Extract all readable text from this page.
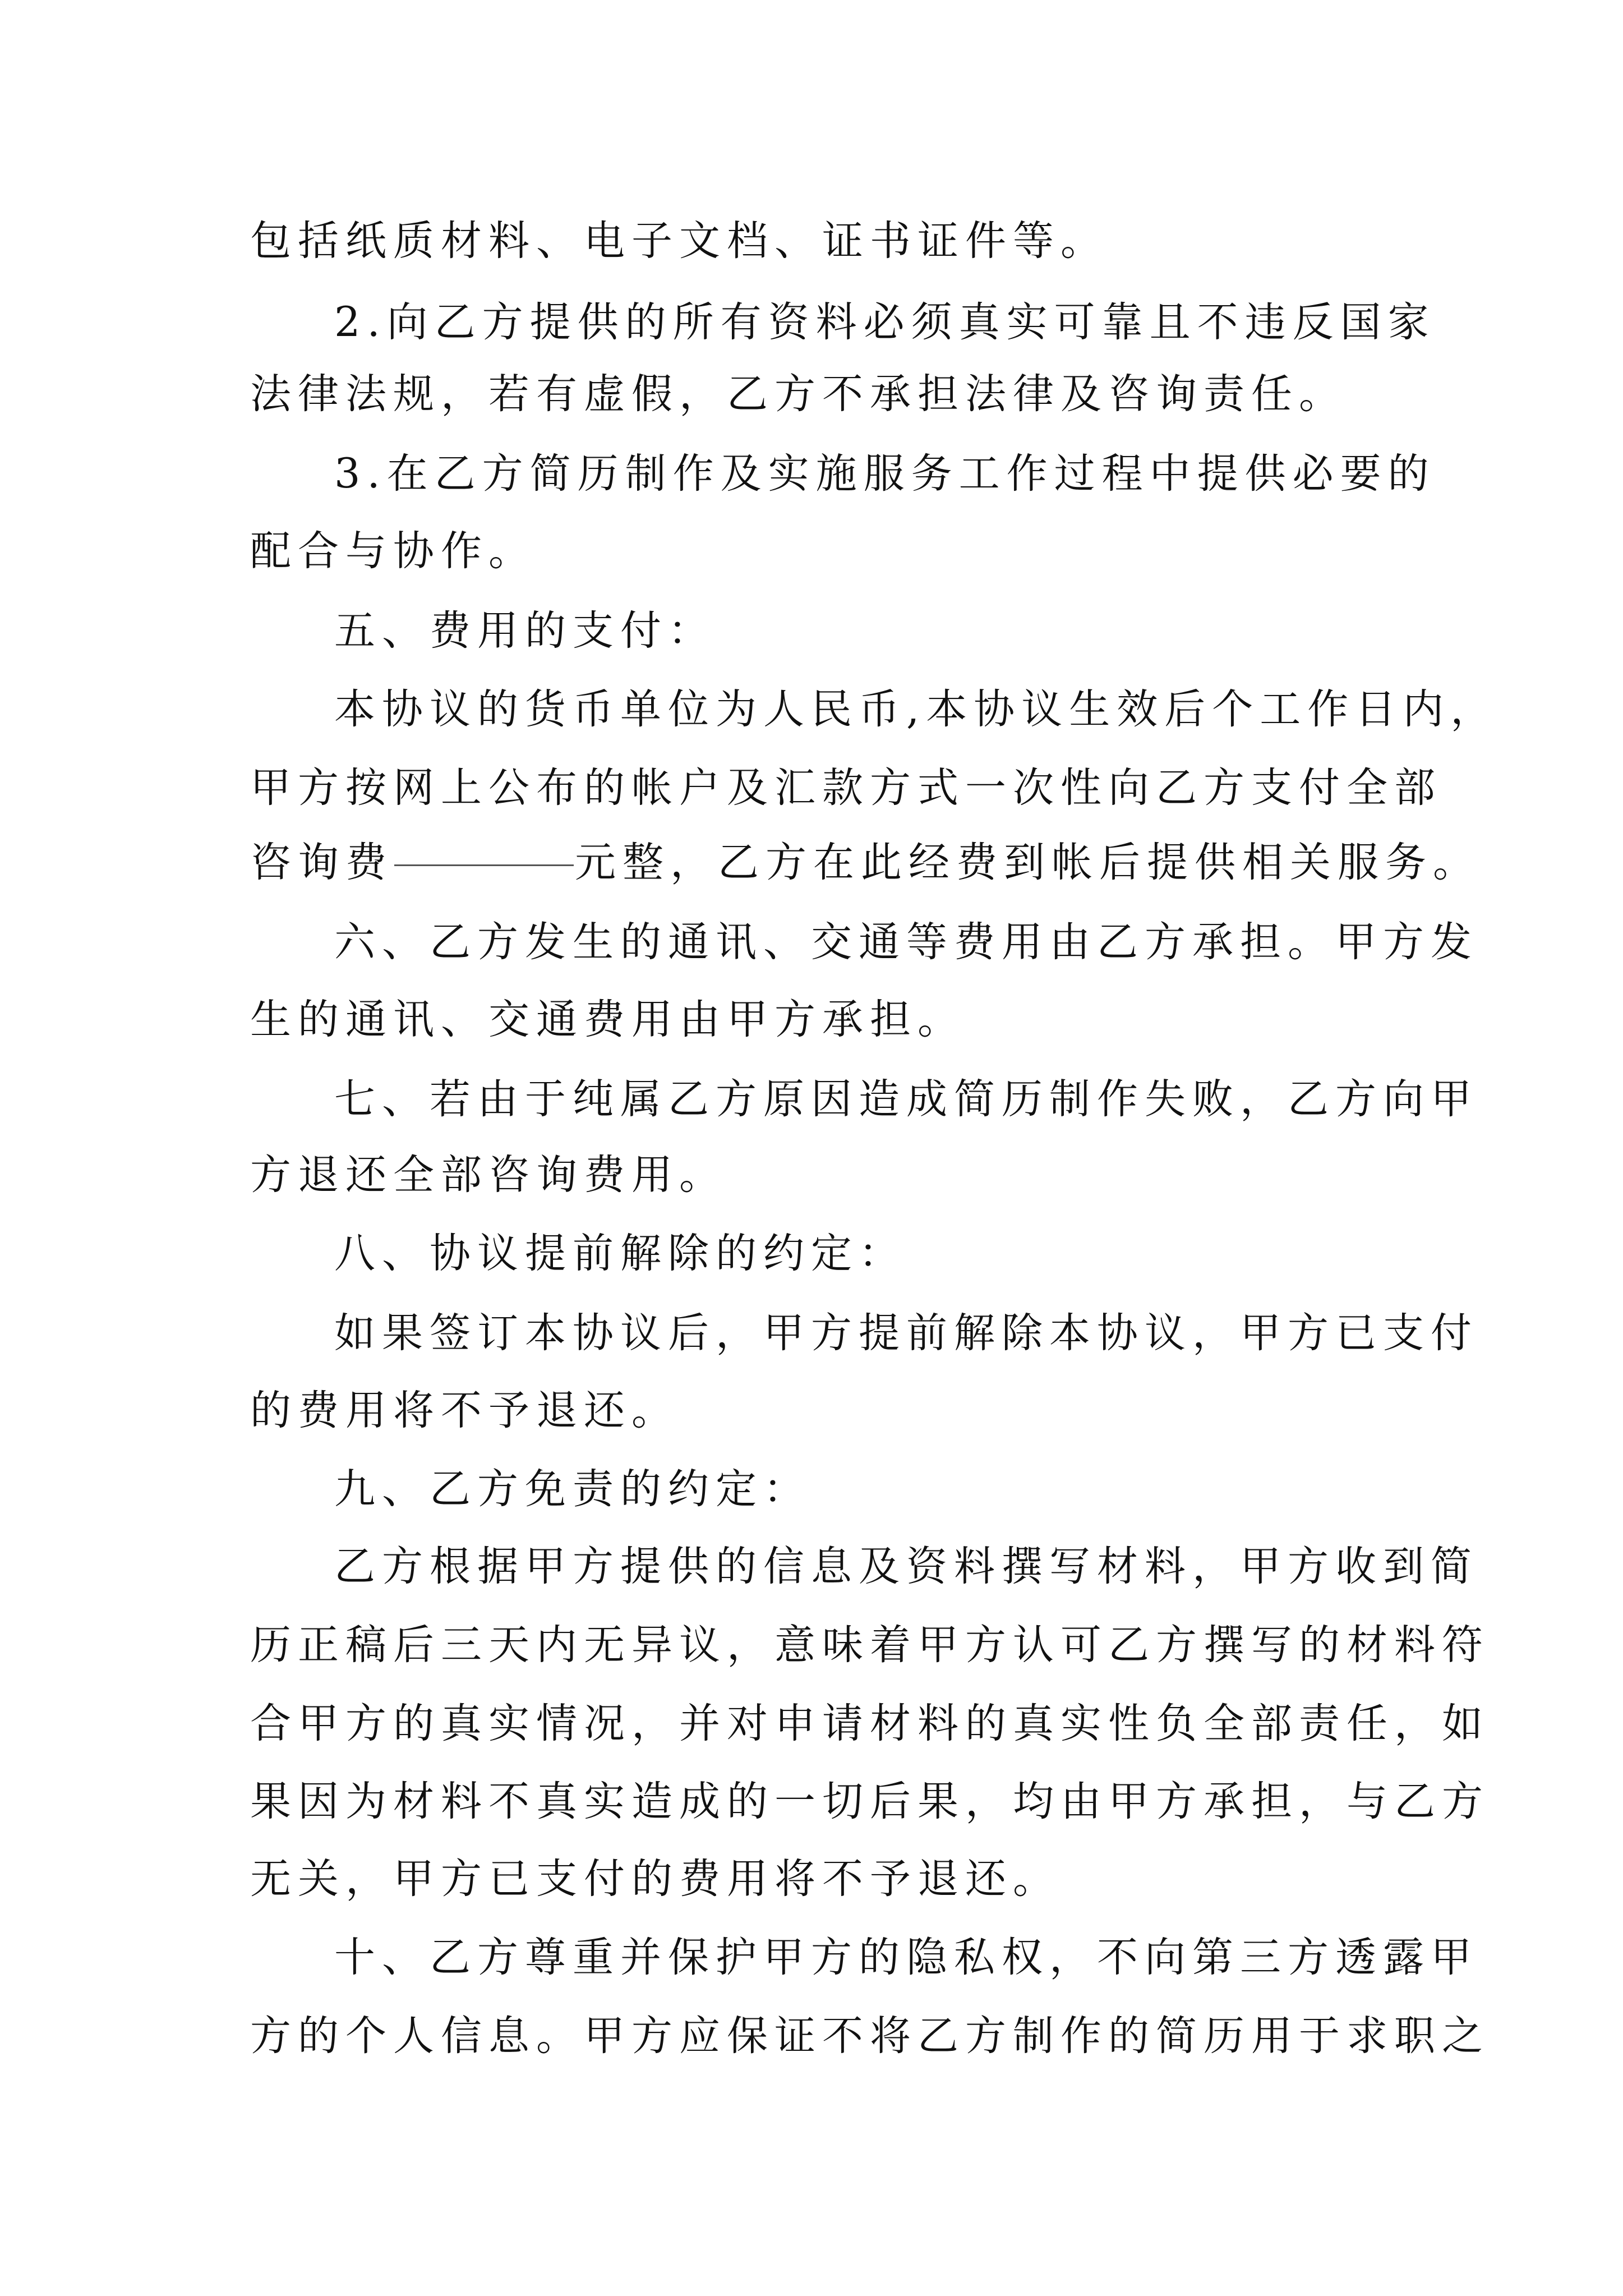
包括纸质材料、电子文档、证书证件等。
2.向乙方提供的所有资料必须真实可靠且不违反国家
法律法规，若有虚假，乙方不承担法律及咨询责任。
3.在乙方简历制作及实施服务工作过程中提供必要的
配合与协作。
五、费用的支付：
本协议的货币单位为人民币,本协议生效后个工作日内，
甲方按网上公布的帐户及汇款方式一次性向乙方支付全部
咨询费	元整，乙方在此经费到帐后提供相关服务。
六、乙方发生的通讯、交通等费用由乙方承担。甲方发
生的通讯、交通费用由甲方承担。
七、若由于纯属乙方原因造成简历制作失败，乙方向甲
方退还全部咨询费用。
八、协议提前解除的约定：
如果签订本协议后，甲方提前解除本协议，甲方已支付
的费用将不予退还。
九、乙方免责的约定：
乙方根据甲方提供的信息及资料撰写材料，甲方收到简
历正稿后三天内无异议，意味着甲方认可乙方撰写的材料符
合甲方的真实情况，并对申请材料的真实性负全部责任，如
果因为材料不真实造成的一切后果，均由甲方承担，与乙方
无关，甲方已支付的费用将不予退还。
十、乙方尊重并保护甲方的隐私权，不向第三方透露甲
方的个人信息。甲方应保证不将乙方制作的简历用于求职之
